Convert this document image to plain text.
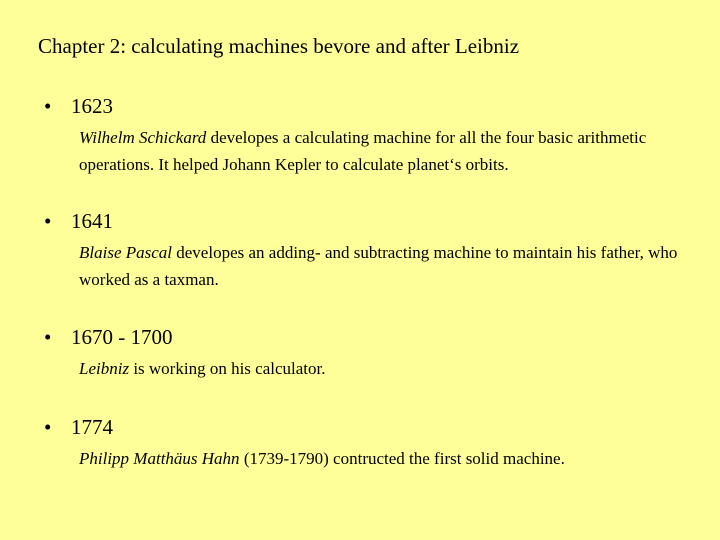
Chapter 2: calculating machines bevore and after Leibniz
• 1623
Wilhelm Schickard developes a calculating machine for all the four basic arithmetic operations. It helped Johann Kepler to calculate planet‘s orbits.
• 1641
Blaise Pascal developes an adding- and subtracting machine to maintain his father, who worked as a taxman.
• 1670 - 1700
Leibniz is working on his calculator.
• 1774
Philipp Matthäus Hahn (1739-1790) contructed the first solid machine.
